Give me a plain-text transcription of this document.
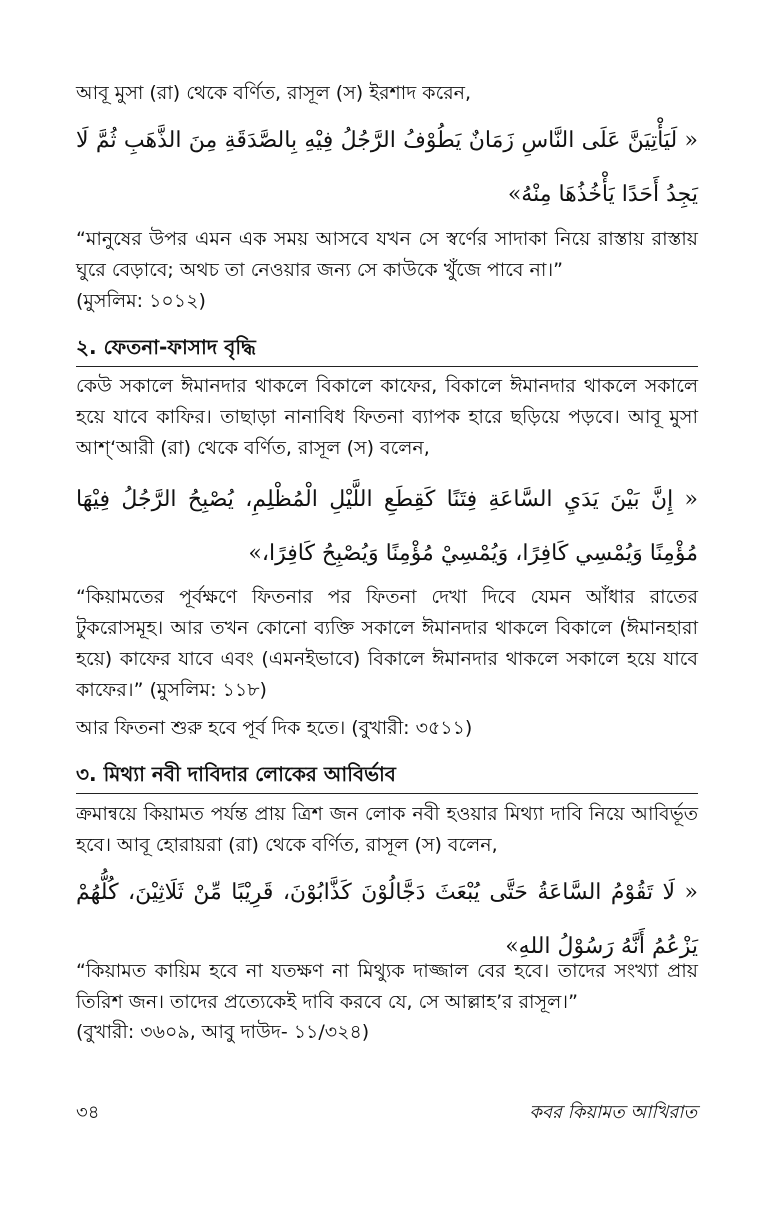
আবূ মুসা (রা) থেকে বর্ণিত, রাসূল (স) ইরশাদ করেন,
« لَيَأْتِيَنَّ عَلَى النَّاسِ زَمَانٌ يَطُوْفُ الرَّجُلُ فِيْهِ بِالصَّدَقَةِ مِنَ الذَّهَبِ ثُمَّ لَا يَجِدُ أَحَدًا يَأْخُذُهَا مِنْهُ»
“মানুষের উপর এমন এক সময় আসবে যখন সে স্বর্ণের সাদাকা নিয়ে রাস্তায় রাস্তায় ঘুরে বেড়াবে; অথচ তা নেওয়ার জন্য সে কাউকে খুঁজে পাবে না।”
(মুসলিম: ১০১২)
২. ফেতনা-ফাসাদ বৃদ্ধি
কেউ সকালে ঈমানদার থাকলে বিকালে কাফের, বিকালে ঈমানদার থাকলে সকালে হয়ে যাবে কাফির। তাছাড়া নানাবিধ ফিতনা ব্যাপক হারে ছড়িয়ে পড়বে। আবূ মুসা আশ্‘আরী (রা) থেকে বর্ণিত, রাসূল (স) বলেন,
« إِنَّ بَيْنَ يَدَيِ السَّاعَةِ فِتَنًا كَقِطَعِ اللَّيْلِ الْمُظْلِمِ، يُصْبِحُ الرَّجُلُ فِيْهَا مُؤْمِنًا وَيُمْسِي كَافِرًا، وَيُمْسِيْ مُؤْمِنًا وَيُصْبِحُ كَافِرًا،»
“কিয়ামতের পূর্বক্ষণে ফিতনার পর ফিতনা দেখা দিবে যেমন আঁধার রাতের টুকরোসমূহ। আর তখন কোনো ব্যক্তি সকালে ঈমানদার থাকলে বিকালে (ঈমানহারা হয়ে) কাফের যাবে এবং (এমনইভাবে) বিকালে ঈমানদার থাকলে সকালে হয়ে যাবে কাফের।” (মুসলিম: ১১৮)
আর ফিতনা শুরু হবে পূর্ব দিক হতে। (বুখারী: ৩৫১১)
৩. মিথ্যা নবী দাবিদার লোকের আবির্ভাব
ক্রমান্বয়ে কিয়ামত পর্যন্ত প্রায় ত্রিশ জন লোক নবী হওয়ার মিথ্যা দাবি নিয়ে আবির্ভূত হবে। আবূ হোরায়রা (রা) থেকে বর্ণিত, রাসূল (স) বলেন,
« لَا تَقُوْمُ السَّاعَةُ حَتَّى يُبْعَثَ دَجَّالُوْنَ كَذَّابُوْنَ، قَرِيْبًا مِّنْ ثَلَاثِيْنَ، كُلُّهُمْ يَزْعُمُ أَنَّهُ رَسُوْلُ اللهِ»
“কিয়ামত কায়িম হবে না যতক্ষণ না মিথ্যুক দাজ্জাল বের হবে। তাদের সংখ্যা প্রায় তিরিশ জন। তাদের প্রত্যেকেই দাবি করবে যে, সে আল্লাহ’র রাসূল।”
(বুখারী: ৩৬০৯, আবু দাউদ- ১১/৩২৪)
৩৪	কবর কিয়ামত আখিরাত
